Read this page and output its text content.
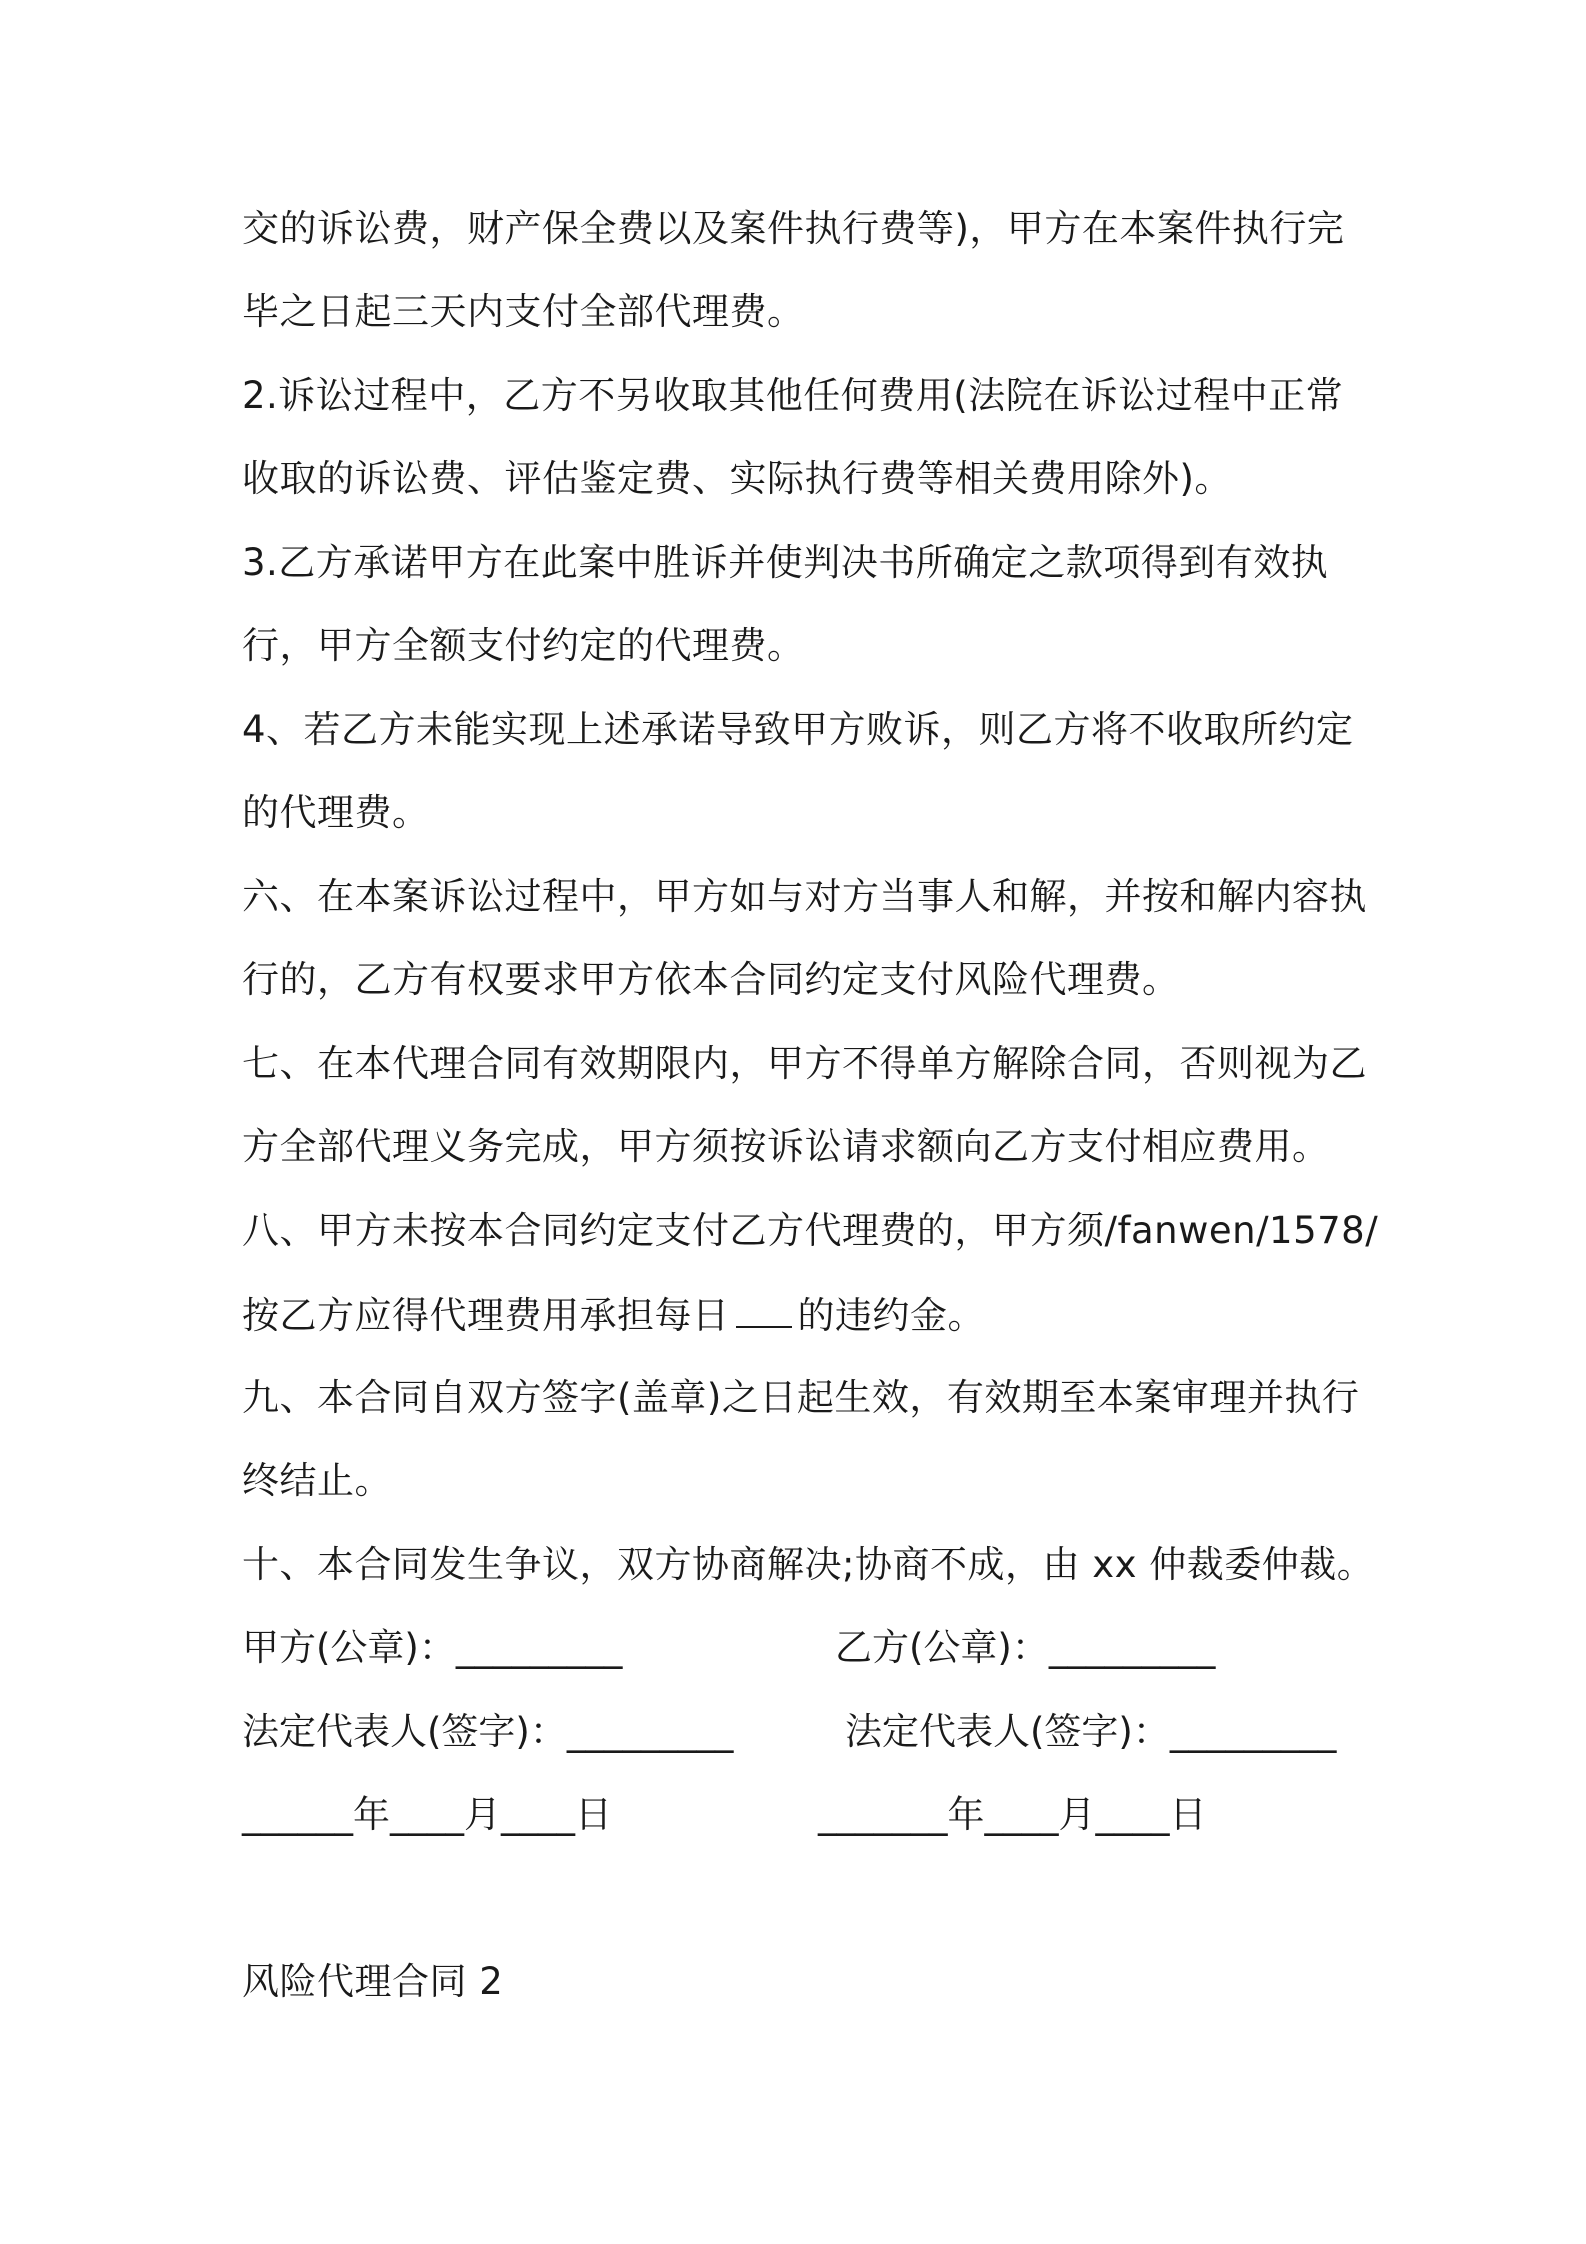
交的诉讼费，财产保全费以及案件执行费等)，甲方在本案件执行完
毕之日起三天内支付全部代理费。
2.诉讼过程中，乙方不另收取其他任何费用(法院在诉讼过程中正常
收取的诉讼费、评估鉴定费、实际执行费等相关费用除外)。
3.乙方承诺甲方在此案中胜诉并使判决书所确定之款项得到有效执
行，甲方全额支付约定的代理费。
4、若乙方未能实现上述承诺导致甲方败诉，则乙方将不收取所约定
的代理费。
六、在本案诉讼过程中，甲方如与对方当事人和解，并按和解内容执
行的，乙方有权要求甲方依本合同约定支付风险代理费。
七、在本代理合同有效期限内，甲方不得单方解除合同，否则视为乙
方全部代理义务完成，甲方须按诉讼请求额向乙方支付相应费用。
八、甲方未按本合同约定支付乙方代理费的，甲方须/fanwen/1578/
按乙方应得代理费用承担每日 的违约金。
九、本合同自双方签字(盖章)之日起生效，有效期至本案审理并执行
终结止。
十、本合同发生争议，双方协商解决;协商不成，由 xx 仲裁委仲裁。
甲方(公章)：_________	乙方(公章)：_________
法定代表人(签字)：_________	法定代表人(签字)：_________
______年____月____日	_______年____月____日
风险代理合同 2
